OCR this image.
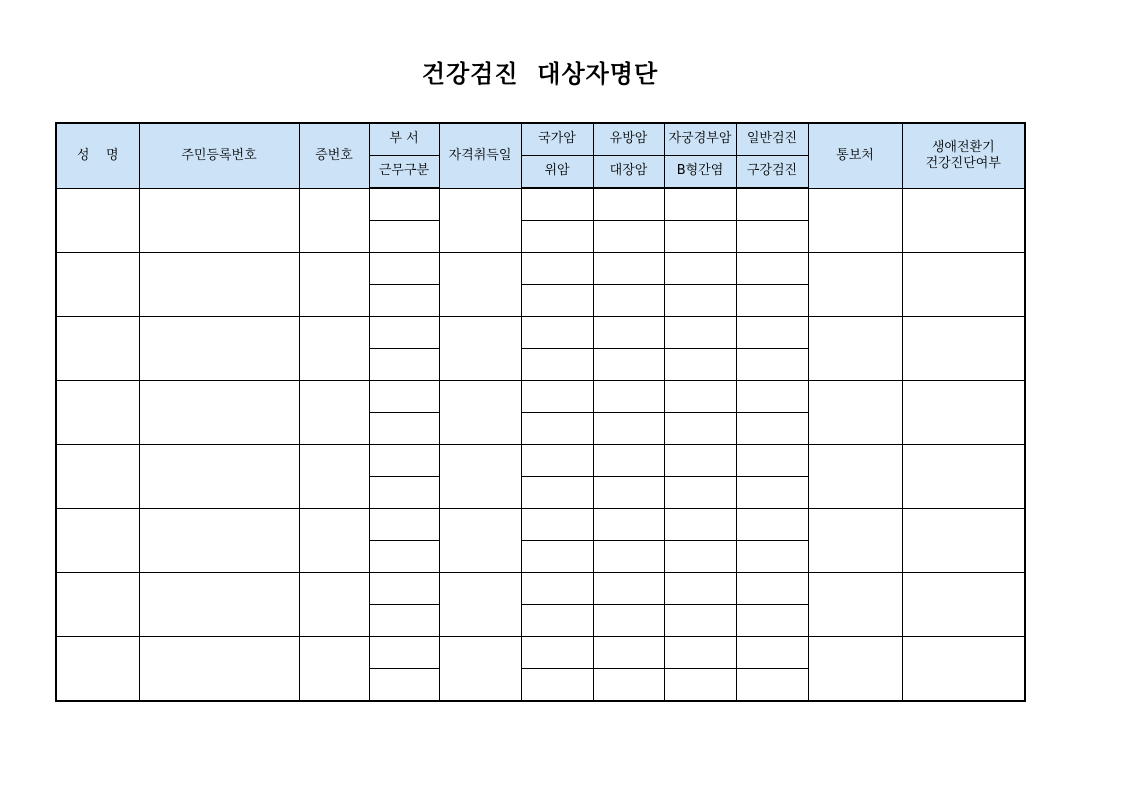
건강검진  대상자명단
성    명	주민등록번호	증번호	부 서	자격취득일	국가암	유방암	자궁경부암	일반검진	통보처	생애전환기
건강진단여부

			근무구분		위암	대장암	B형간염	구강검진		
